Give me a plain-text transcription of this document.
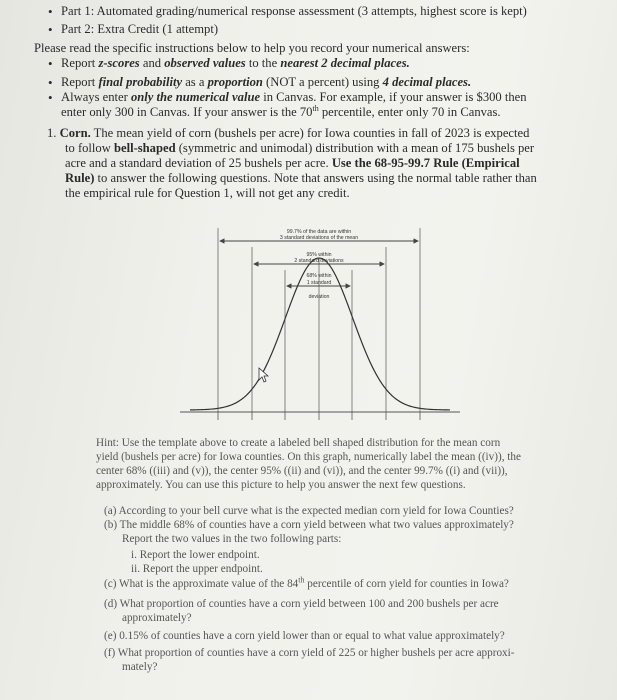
• Part 1: Automated grading/numerical response assessment (3 attempts, highest score is kept)
• Part 2: Extra Credit (1 attempt)
Please read the specific instructions below to help you record your numerical answers:
• Report z-scores and observed values to the nearest 2 decimal places.
• Report final probability as a proportion (NOT a percent) using 4 decimal places.
• Always enter only the numerical value in Canvas. For example, if your answer is $300 then
enter only 300 in Canvas. If your answer is the 70th percentile, enter only 70 in Canvas.
1. Corn. The mean yield of corn (bushels per acre) for Iowa counties in fall of 2023 is expected
to follow bell-shaped (symmetric and unimodal) distribution with a mean of 175 bushels per
acre and a standard deviation of 25 bushels per acre. Use the 68-95-99.7 Rule (Empirical
Rule) to answer the following questions. Note that answers using the normal table rather than
the empirical rule for Question 1, will not get any credit.
99.7% of the data are within
3 standard deviations of the mean
95% within
2 standard deviations
68% within
1 standard
deviation
Hint: Use the template above to create a labeled bell shaped distribution for the mean corn
yield (bushels per acre) for Iowa counties. On this graph, numerically label the mean ((iv)), the
center 68% ((iii) and (v)), the center 95% ((ii) and (vi)), and the center 99.7% ((i) and (vii)),
approximately. You can use this picture to help you answer the next few questions.
(a) According to your bell curve what is the expected median corn yield for Iowa Counties?
(b) The middle 68% of counties have a corn yield between what two values approximately?
Report the two values in the two following parts:
i. Report the lower endpoint.
ii. Report the upper endpoint.
(c) What is the approximate value of the 84th percentile of corn yield for counties in Iowa?
(d) What proportion of counties have a corn yield between 100 and 200 bushels per acre
approximately?
(e) 0.15% of counties have a corn yield lower than or equal to what value approximately?
(f) What proportion of counties have a corn yield of 225 or higher bushels per acre approxi-
mately?
